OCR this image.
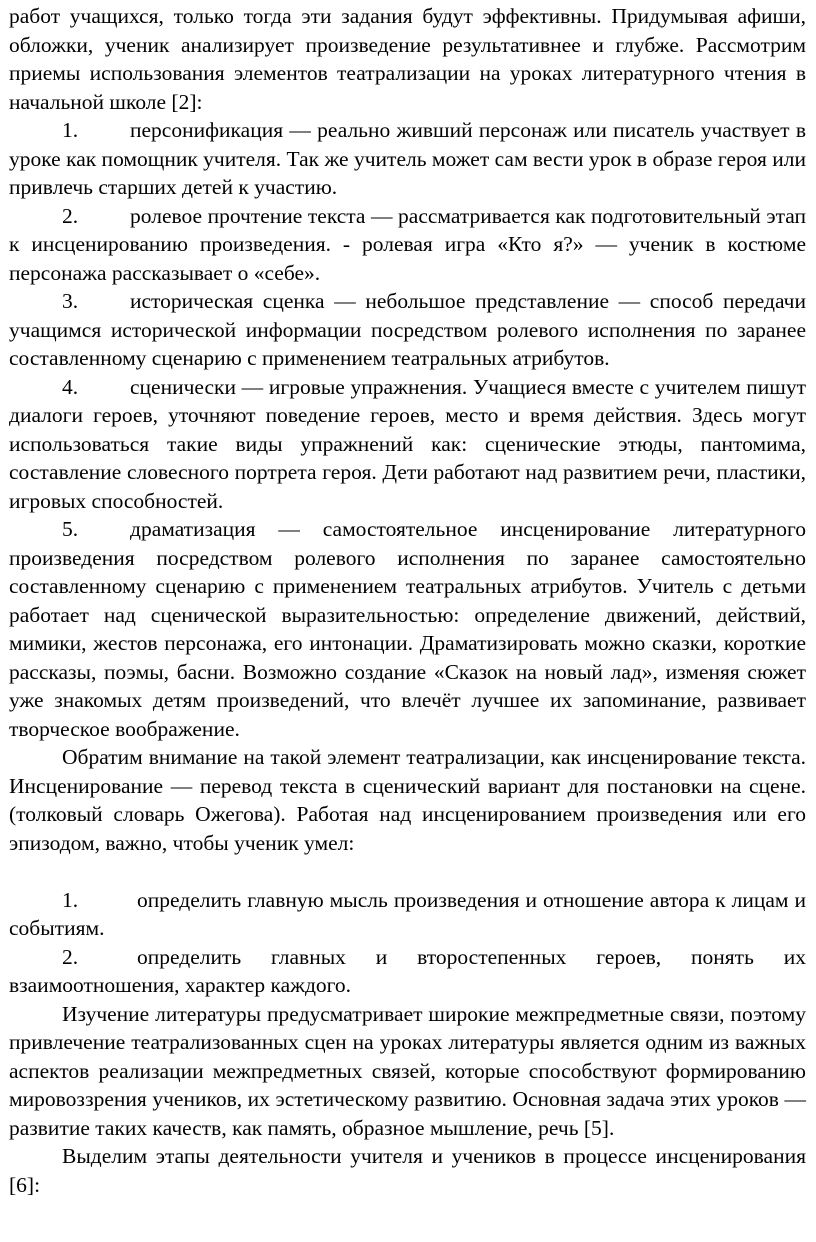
работ учащихся, только тогда эти задания будут эффективны. Придумывая афиши, обложки, ученик анализирует произведение результативнее и глубже. Рассмотрим приемы использования элементов театрализации на уроках литературного чтения в начальной школе [2]:

1. персонификация — реально живший персонаж или писатель участвует в уроке как помощник учителя. Так же учитель может сам вести урок в образе героя или привлечь старших детей к участию.

2. ролевое прочтение текста — рассматривается как подготовительный этап к инсценированию произведения. - ролевая игра «Кто я?» — ученик в костюме персонажа рассказывает о «себе».

3. историческая сценка — небольшое представление — способ передачи учащимся исторической информации посредством ролевого исполнения по заранее составленному сценарию с применением театральных атрибутов.

4. сценически — игровые упражнения. Учащиеся вместе с учителем пишут диалоги героев, уточняют поведение героев, место и время действия. Здесь могут использоваться такие виды упражнений как: сценические этюды, пантомима, составление словесного портрета героя. Дети работают над развитием речи, пластики, игровых способностей.

5. драматизация — самостоятельное инсценирование литературного произведения посредством ролевого исполнения по заранее самостоятельно составленному сценарию с применением театральных атрибутов. Учитель с детьми работает над сценической выразительностью: определение движений, действий, мимики, жестов персонажа, его интонации. Драматизировать можно сказки, короткие рассказы, поэмы, басни. Возможно создание «Сказок на новый лад», изменяя сюжет уже знакомых детям произведений, что влечёт лучшее их запоминание, развивает творческое воображение.

Обратим внимание на такой элемент театрализации, как инсценирование текста. Инсценирование — перевод текста в сценический вариант для постановки на сцене. (толковый словарь Ожегова). Работая над инсценированием произведения или его эпизодом, важно, чтобы ученик умел:

1.	определить главную мысль произведения и отношение автора к лицам и событиям.

2.	определить главных и второстепенных героев, понять их взаимоотношения, характер каждого.

Изучение литературы предусматривает широкие межпредметные связи, поэтому привлечение театрализованных сцен на уроках литературы является одним из важных аспектов реализации межпредметных связей, которые способствуют формированию мировоззрения учеников, их эстетическому развитию. Основная задача этих уроков — развитие таких качеств, как память, образное мышление, речь [5].

Выделим этапы деятельности учителя и учеников в процессе инсценирования [6]:
